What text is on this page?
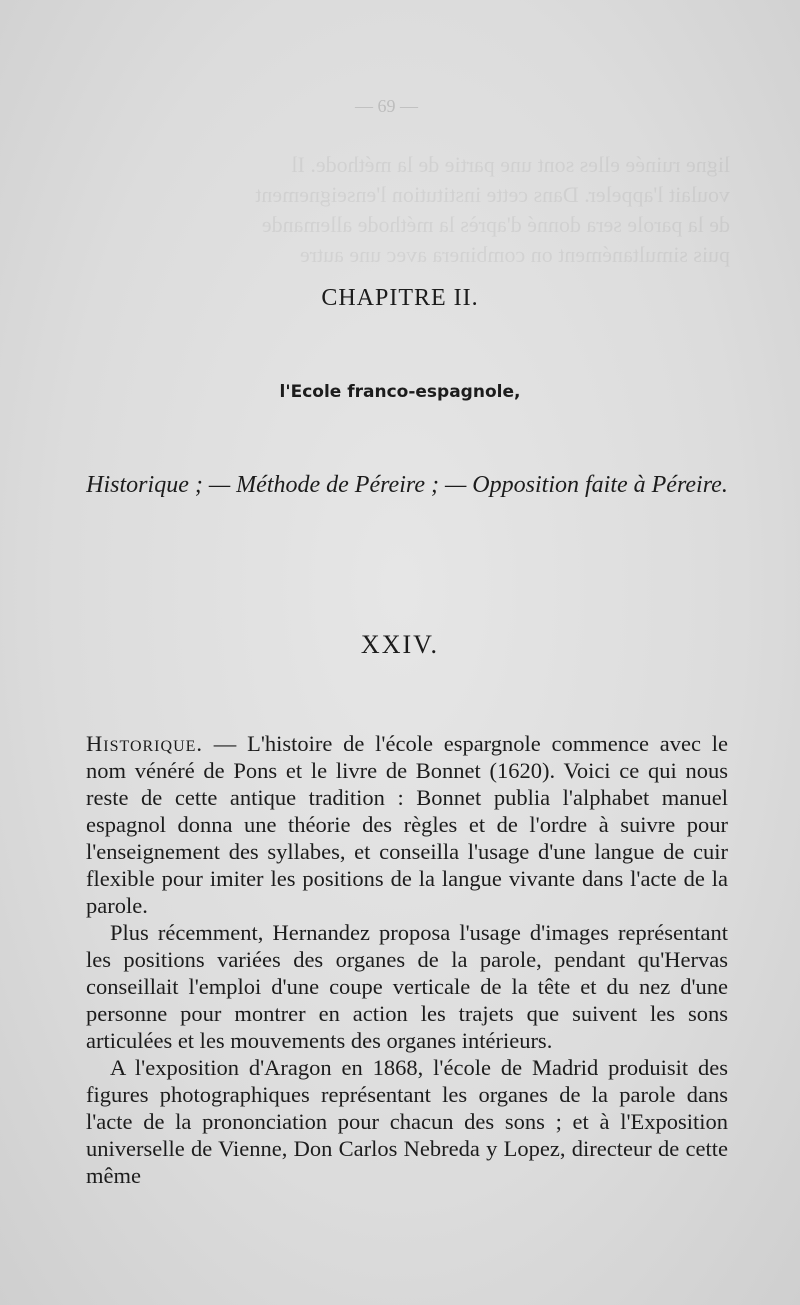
— 69 —
ligne ruinée elles sont une partie de la méthode. Il
voulait l'appeler. Dans cette institution l'enseignement
de la parole sera donné d'après la méthode allemande
puis simultanément on combinera avec une autre
CHAPITRE II.
l'Ecole franco-espagnole,
Historique ; — Méthode de Péreire ; — Opposition faite à Péreire.
XXIV.

Historique. — L'histoire de l'école espargnole commence avec le nom vénéré de Pons et le livre de Bonnet (1620). Voici ce qui nous reste de cette antique tradition : Bonnet publia l'alphabet manuel espagnol donna une théorie des règles et de l'ordre à suivre pour l'enseignement des syllabes, et conseilla l'usage d'une langue de cuir flexible pour imiter les positions de la langue vivante dans l'acte de la parole.

Plus récemment, Hernandez proposa l'usage d'images représentant les positions variées des organes de la parole, pendant qu'Hervas conseillait l'emploi d'une coupe verticale de la tête et du nez d'une personne pour montrer en action les trajets que suivent les sons articulées et les mouvements des organes intérieurs.

A l'exposition d'Aragon en 1868, l'école de Madrid produisit des figures photographiques représentant les organes de la parole dans l'acte de la prononciation pour chacun des sons ; et à l'Exposition universelle de Vienne, Don Carlos Nebreda y Lopez, directeur de cette même
